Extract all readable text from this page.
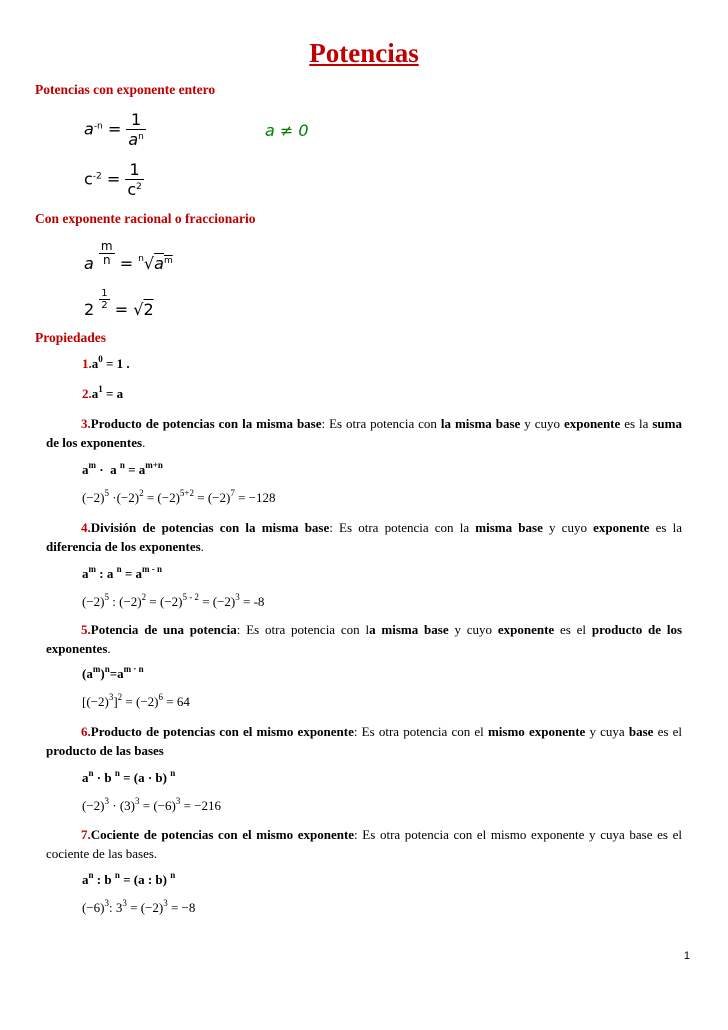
Potencias
Potencias con exponente entero
$a^{-n} = \frac{1}{a^n}$	a ≠ 0
$c^{-2} = \frac{1}{c^2}$
Con exponente racional o fraccionario
a $\frac{m}{n} = ^n√a^m$
$2 \frac{1}{2} = √2$
Propiedades
$1.a^0 = 1$ .
$2.a^1 = a$
3.Producto de potencias con la misma base: Es otra potencia con la misma base y cuyo exponente es la suma de los exponentes.
$a^m \cdot a$ $^n = a^{m+n}$
$(-2)^5 \cdot(-2)^2 = (-2)^{5+2} = (-2)^7 = -128$
4.División de potencias con la misma base: Es otra potencia con la misma base y cuyo exponente es la diferencia de los exponentes.
$a^m$ : a $^n = a^{m - n}$
$(-2)^5$ : $(-2)^2 = (-2)^{5 - 2} = (-2)^3 = -8$
5.Potencia de una potencia: Es otra potencia con la misma base y cuyo exponente es el producto de los exponentes.
$(a^m)^n=a^{m \cdot n}$
$[(-2)^3]^2 = (-2)^6 = 64$
6.Producto de potencias con el mismo exponente: Es otra potencia con el mismo exponente y cuya base es el producto de las bases
$a^n \cdot b$ $^n$ = (a · b) $^n$
$(-2)^3 \cdot (3)^3 = (-6)^3 = -216$
7.Cociente de potencias con el mismo exponente: Es otra potencia con el mismo exponente y cuya base es el cociente de las bases.
$a^n$ : b $^n$ = (a : b) $^n$
$(-6)^3$: $3^3 = (-2)^3 = -8$
1
